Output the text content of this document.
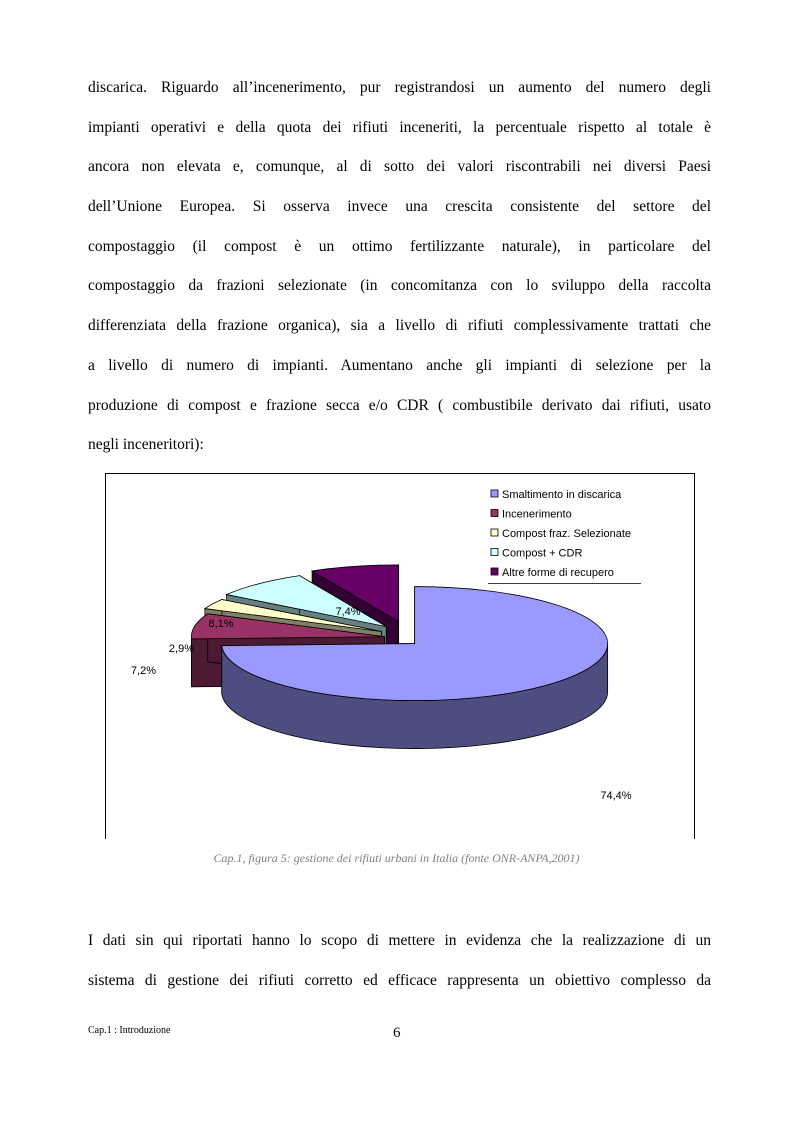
discarica. Riguardo all’incenerimento, pur registrandosi un aumento del numero degli
impianti operativi e della quota dei rifiuti inceneriti, la percentuale rispetto al totale è
ancora non elevata e, comunque, al di sotto dei valori riscontrabili nei diversi Paesi
dell’Unione Europea. Si osserva invece una crescita consistente del settore del
compostaggio (il compost è un ottimo fertilizzante naturale), in particolare del
compostaggio da frazioni selezionate (in concomitanza con lo sviluppo della raccolta
differenziata della frazione organica), sia a livello di rifiuti complessivamente trattati che
a livello di numero di impianti. Aumentano anche gli impianti di selezione per la
produzione di compost e frazione secca e/o CDR ( combustibile derivato dai rifiuti, usato
negli inceneritori):
74,4%
7,2%
2,9%
8,1%
7,4%
Smaltimento in discarica
Incenerimento
Compost fraz. Selezionate
Compost + CDR
Altre forme di recupero
Cap.1, figura 5: gestione dei rifiuti urbani in Italia (fonte ONR-ANPA,2001)
I dati sin qui riportati hanno lo scopo di mettere in evidenza che la realizzazione di un
sistema di gestione dei rifiuti corretto ed efficace rappresenta un obiettivo complesso da
Cap.1 : Introduzione	6
